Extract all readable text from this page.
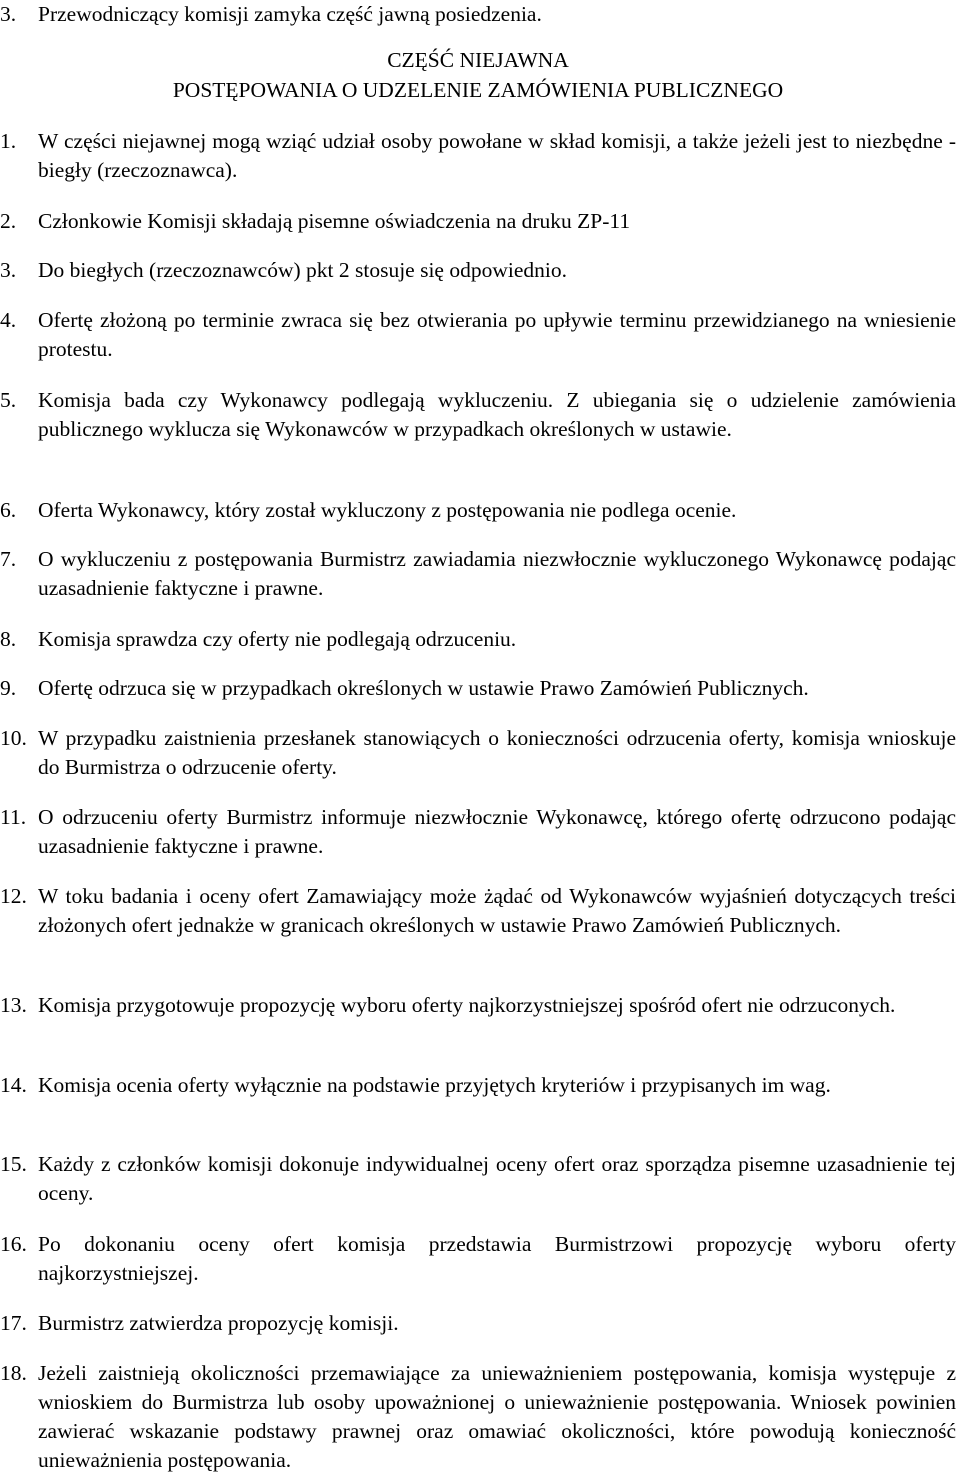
3.	Przewodniczący komisji zamyka część jawną posiedzenia.
CZĘŚĆ NIEJAWNA
POSTĘPOWANIA O UDZELENIE ZAMÓWIENIA PUBLICZNEGO
1.	W części niejawnej mogą wziąć udział osoby powołane w skład komisji, a także jeżeli jest to niezbędne - biegły (rzeczoznawca).
2.	Członkowie Komisji składają pisemne oświadczenia na druku ZP-11
3.	Do biegłych (rzeczoznawców) pkt 2 stosuje się odpowiednio.
4.	Ofertę złożoną po terminie zwraca się bez otwierania po upływie terminu przewidzianego na wniesienie protestu.
5.	Komisja bada czy Wykonawcy podlegają wykluczeniu. Z ubiegania się o udzielenie zamówienia publicznego wyklucza się Wykonawców w przypadkach określonych w ustawie.
6.	Oferta Wykonawcy, który został wykluczony z postępowania nie podlega ocenie.
7.	O wykluczeniu z postępowania Burmistrz zawiadamia niezwłocznie wykluczonego Wykonawcę podając uzasadnienie faktyczne i prawne.
8.	Komisja sprawdza czy oferty nie podlegają odrzuceniu.
9.	Ofertę odrzuca się w przypadkach określonych w ustawie Prawo Zamówień Publicznych.
10. W przypadku zaistnienia przesłanek stanowiących o konieczności odrzucenia oferty, komisja wnioskuje do Burmistrza o odrzucenie oferty.
11. O odrzuceniu oferty Burmistrz informuje niezwłocznie Wykonawcę, którego ofertę odrzucono podając uzasadnienie faktyczne i prawne.
12. W toku badania i oceny ofert Zamawiający może żądać od Wykonawców wyjaśnień dotyczących treści złożonych ofert jednakże w granicach określonych w ustawie Prawo Zamówień Publicznych.
13. Komisja przygotowuje propozycję wyboru oferty najkorzystniejszej spośród ofert nie odrzuconych.
14. Komisja ocenia oferty wyłącznie na podstawie przyjętych kryteriów i przypisanych im wag.
15. Każdy z członków komisji dokonuje indywidualnej oceny ofert oraz sporządza pisemne uzasadnienie tej oceny.
16. Po dokonaniu oceny ofert komisja przedstawia Burmistrzowi propozycję wyboru oferty najkorzystniejszej.
17. Burmistrz zatwierdza propozycję komisji.
18. Jeżeli zaistnieją okoliczności przemawiające za unieważnieniem postępowania, komisja występuje z wnioskiem do Burmistrza lub osoby upoważnionej o unieważnienie postępowania. Wniosek powinien zawierać wskazanie podstawy prawnej oraz omawiać okoliczności, które powodują konieczność unieważnienia postępowania.
